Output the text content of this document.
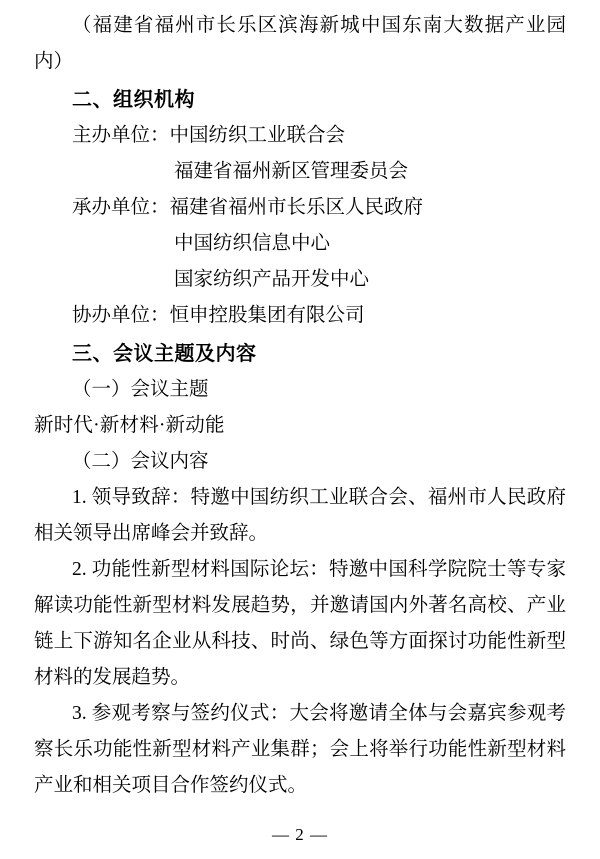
（福建省福州市长乐区滨海新城中国东南大数据产业园内）
二、组织机构
主办单位：中国纺织工业联合会
福建省福州新区管理委员会
承办单位：福建省福州市长乐区人民政府
中国纺织信息中心
国家纺织产品开发中心
协办单位：恒申控股集团有限公司
三、会议主题及内容
（一）会议主题
新时代·新材料·新动能
（二）会议内容
1. 领导致辞：特邀中国纺织工业联合会、福州市人民政府相关领导出席峰会并致辞。
2. 功能性新型材料国际论坛：特邀中国科学院院士等专家解读功能性新型材料发展趋势，并邀请国内外著名高校、产业链上下游知名企业从科技、时尚、绿色等方面探讨功能性新型材料的发展趋势。
3. 参观考察与签约仪式：大会将邀请全体与会嘉宾参观考察长乐功能性新型材料产业集群；会上将举行功能性新型材料产业和相关项目合作签约仪式。
— 2 —
